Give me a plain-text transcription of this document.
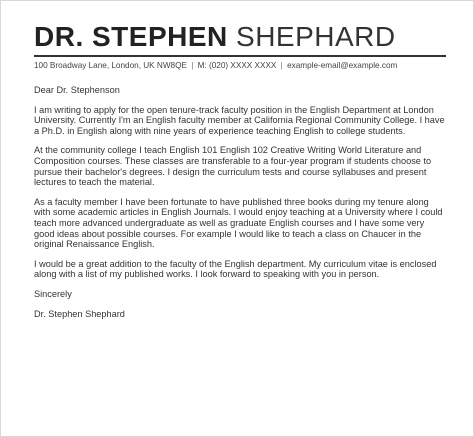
DR. STEPHEN SHEPHARD
100 Broadway Lane, London, UK NW8QE | M: (020) XXXX XXXX | example-email@example.com

Dear Dr. Stephenson

I am writing to apply for the open tenure-track faculty position in the English Department at London University. Currently I'm an English faculty member at California Regional Community College. I have a Ph.D. in English along with nine years of experience teaching English to college students.

At the community college I teach English 101 English 102 Creative Writing World Literature and Composition courses. These classes are transferable to a four-year program if students choose to pursue their bachelor's degrees. I design the curriculum tests and course syllabuses and present lectures to teach the material.

As a faculty member I have been fortunate to have published three books during my tenure along with some academic articles in English Journals. I would enjoy teaching at a University where I could teach more advanced undergraduate as well as graduate English courses and I have some very good ideas about possible courses. For example I would like to teach a class on Chaucer in the original Renaissance English.

I would be a great addition to the faculty of the English department. My curriculum vitae is enclosed along with a list of my published works. I look forward to speaking with you in person.

Sincerely

Dr. Stephen Shephard
